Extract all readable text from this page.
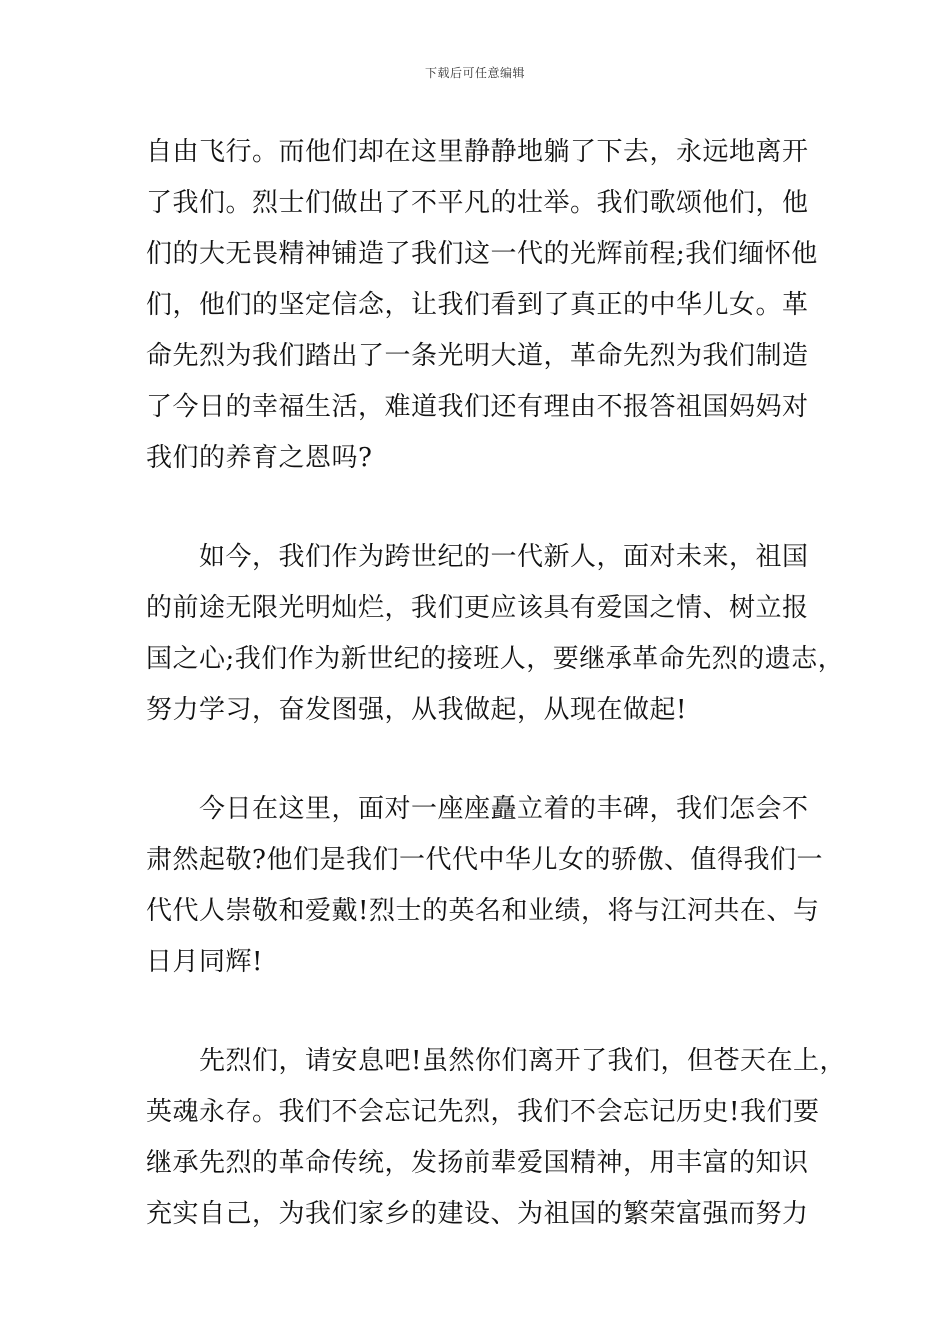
下载后可任意编辑

自由飞行。而他们却在这里静静地躺了下去，永远地离开
了我们。烈士们做出了不平凡的壮举。我们歌颂他们，他
们的大无畏精神铺造了我们这一代的光辉前程;我们缅怀他
们，他们的坚定信念，让我们看到了真正的中华儿女。革
命先烈为我们踏出了一条光明大道，革命先烈为我们制造
了今日的幸福生活，难道我们还有理由不报答祖国妈妈对
我们的养育之恩吗?

如今，我们作为跨世纪的一代新人，面对未来，祖国
的前途无限光明灿烂，我们更应该具有爱国之情、树立报
国之心;我们作为新世纪的接班人，要继承革命先烈的遗志，
努力学习，奋发图强，从我做起，从现在做起!

今日在这里，面对一座座矗立着的丰碑，我们怎会不
肃然起敬?他们是我们一代代中华儿女的骄傲、值得我们一
代代人崇敬和爱戴!烈士的英名和业绩，将与江河共在、与
日月同辉!

先烈们，请安息吧!虽然你们离开了我们，但苍天在上，
英魂永存。我们不会忘记先烈，我们不会忘记历史!我们要
继承先烈的革命传统，发扬前辈爱国精神，用丰富的知识
充实自己，为我们家乡的建设、为祖国的繁荣富强而努力
